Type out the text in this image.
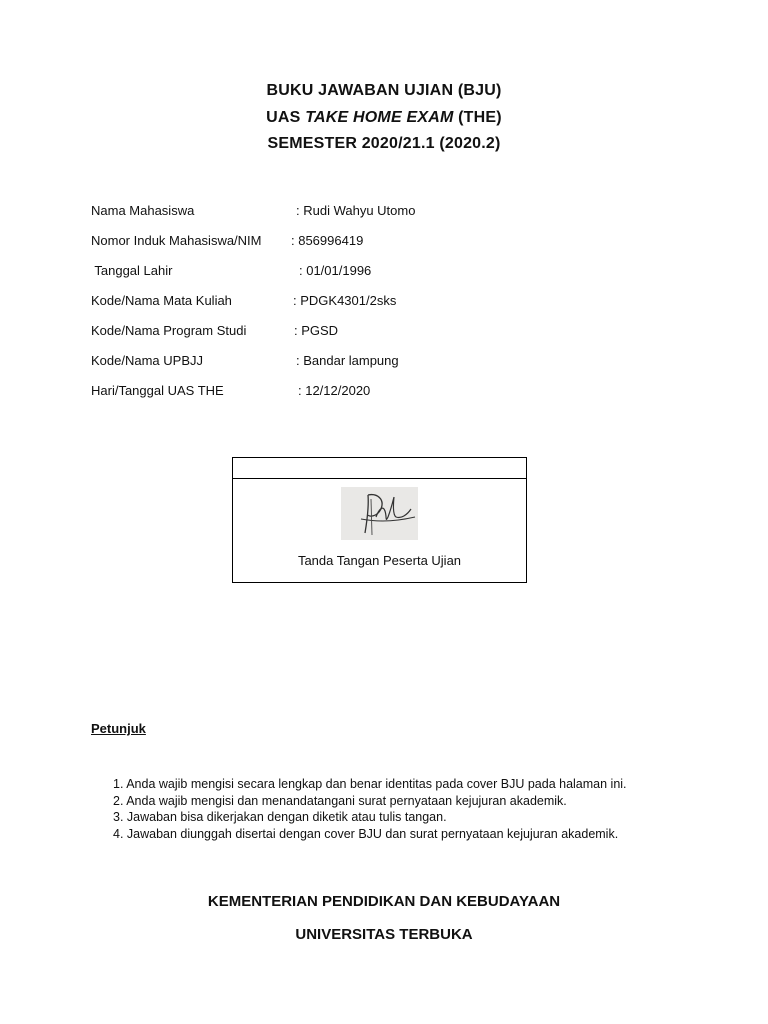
BUKU JAWABAN UJIAN (BJU)
UAS TAKE HOME EXAM (THE)
SEMESTER 2020/21.1 (2020.2)
Nama Mahasiswa	: Rudi Wahyu Utomo
Nomor Induk Mahasiswa/NIM : 856996419
Tanggal Lahir	: 01/01/1996
Kode/Nama Mata Kuliah	: PDGK4301/2sks
Kode/Nama Program Studi	: PGSD
Kode/Nama UPBJJ	: Bandar lampung
Hari/Tanggal UAS THE	: 12/12/2020
Tanda Tangan Peserta Ujian
Petunjuk
1. Anda wajib mengisi secara lengkap dan benar identitas pada cover BJU pada halaman ini.
2. Anda wajib mengisi dan menandatangani surat pernyataan kejujuran akademik.
3. Jawaban bisa dikerjakan dengan diketik atau tulis tangan.
4. Jawaban diunggah disertai dengan cover BJU dan surat pernyataan kejujuran akademik.
KEMENTERIAN PENDIDIKAN DAN KEBUDAYAAN
UNIVERSITAS TERBUKA
